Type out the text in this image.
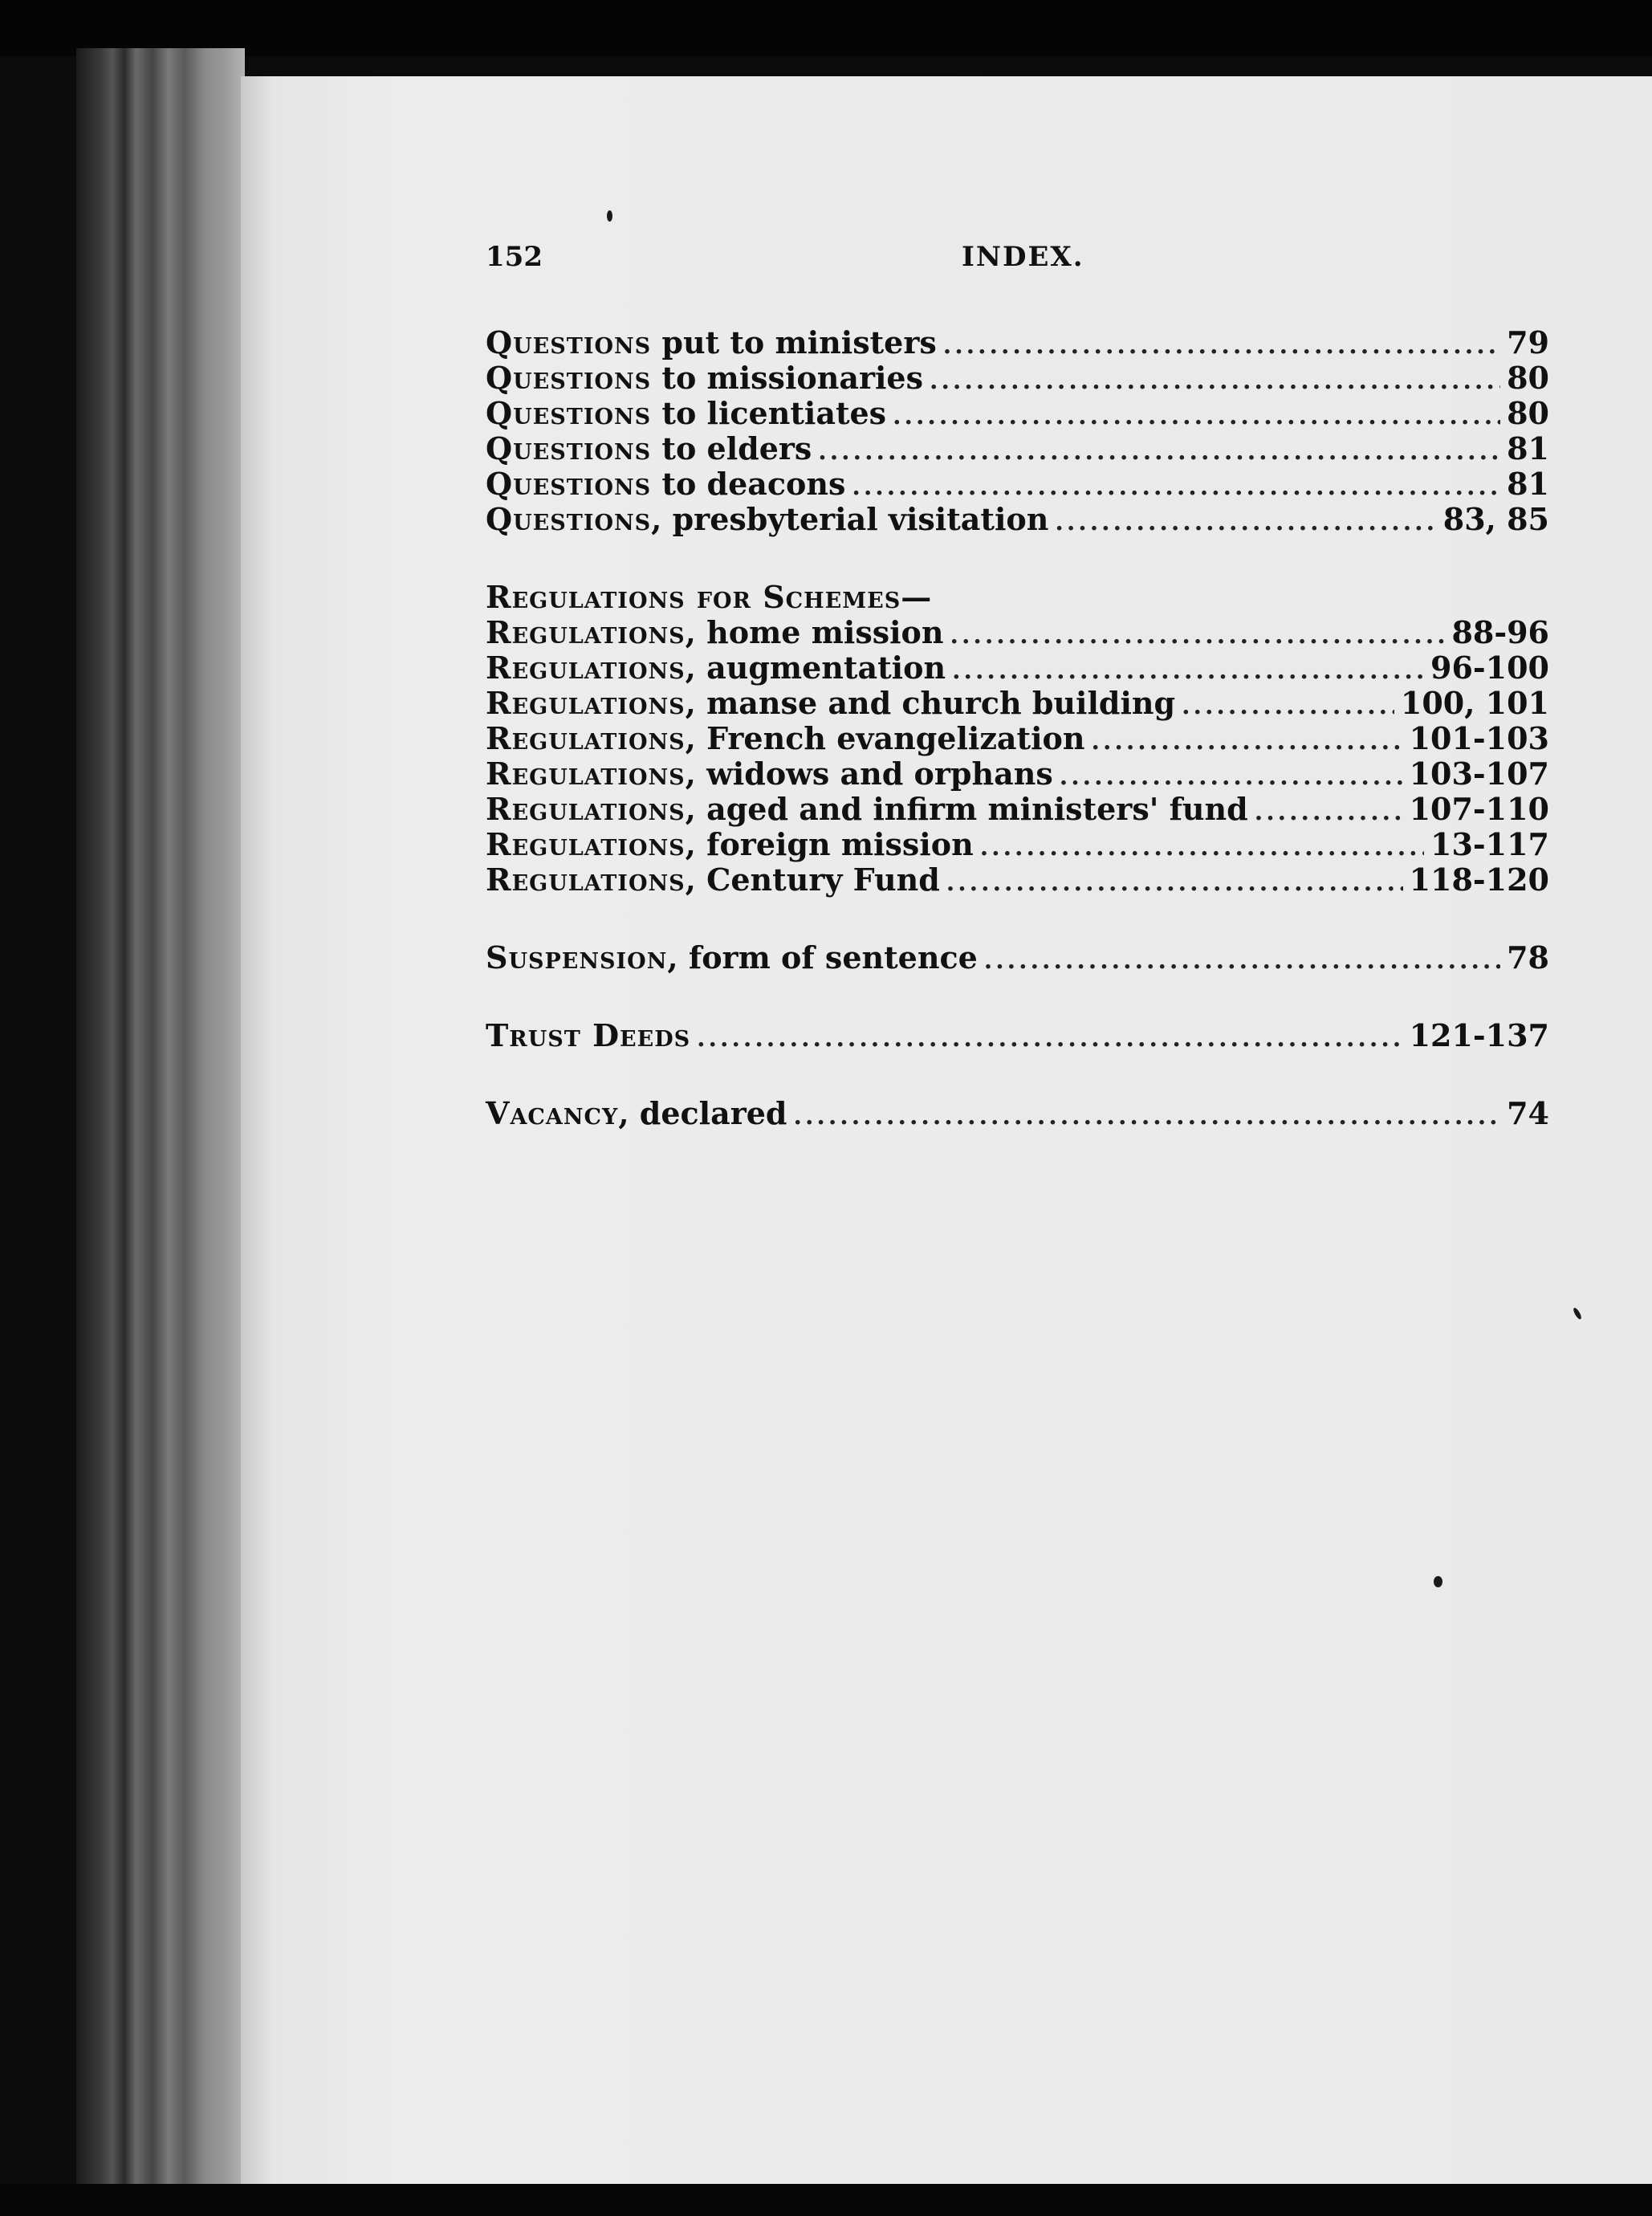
152	INDEX.
Questions put to ministers .....	79
Questions to missionaries .....	80
Questions to licentiates .....	80
Questions to elders .....	81
Questions to deacons .....	81
Questions, presbyterial visitation .....	83, 85
Regulations for Schemes—
Regulations, home mission .....	88-96
Regulations, augmentation .....	96-100
Regulations, manse and church building .....	100, 101
Regulations, French evangelization .....	101-103
Regulations, widows and orphans .....	103-107
Regulations, aged and infirm ministers' fund .....	107-110
Regulations, foreign mission .....	13-117
Regulations, Century Fund .....	118-120
Suspension, form of sentence .....	78
Trust Deeds .....	121-137
Vacancy, declared .....	74
